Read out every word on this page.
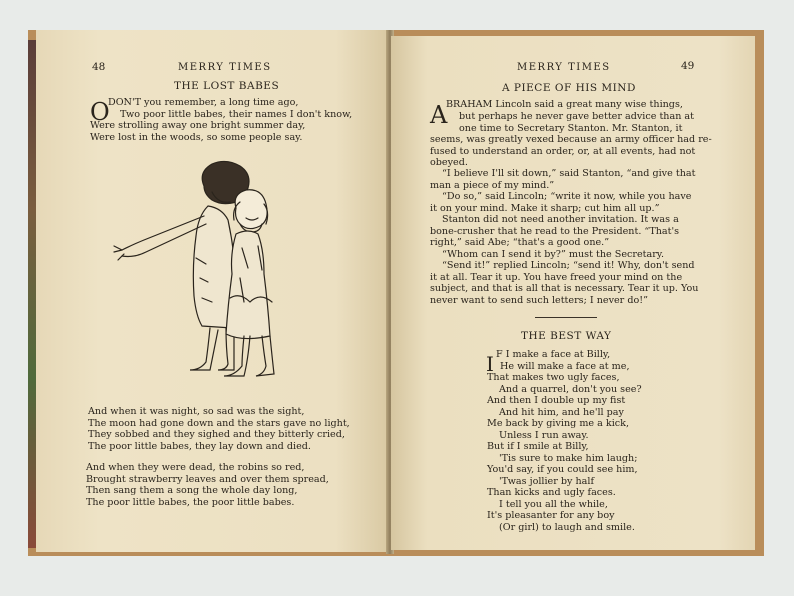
48	MERRY TIMES
THE LOST BABES
O
DON'T you remember, a long time ago,
Two poor little babes, their names I don't know,
Were strolling away one bright summer day,
Were lost in the woods, so some people say.
And when it was night, so sad was the sight,
The moon had gone down and the stars gave no light,
They sobbed and they sighed and they bitterly cried,
The poor little babes, they lay down and died.
And when they were dead, the robins so red,
Brought strawberry leaves and over them spread,
Then sang them a song the whole day long,
The poor little babes, the poor little babes.
MERRY TIMES	49
A PIECE OF HIS MIND
A
BRAHAM Lincoln said a great many wise things,
but perhaps he never gave better advice than at
one time to Secretary Stanton. Mr. Stanton, it
seems, was greatly vexed because an army officer had re-
fused to understand an order, or, at all events, had not
obeyed.
“I believe I'll sit down,” said Stanton, “and give that
man a piece of my mind.”
“Do so,” said Lincoln; “write it now, while you have
it on your mind. Make it sharp; cut him all up.”
Stanton did not need another invitation. It was a
bone-crusher that he read to the President. “That's
right,” said Abe; “that's a good one.”
“Whom can I send it by?” must the Secretary.
“Send it!” replied Lincoln; “send it! Why, don't send
it at all. Tear it up. You have freed your mind on the
subject, and that is all that is necessary. Tear it up. You
never want to send such letters; I never do!”
THE BEST WAY
I F I make a face at Billy,
He will make a face at me,
That makes two ugly faces,
And a quarrel, don't you see?
And then I double up my fist
And hit him, and he'll pay
Me back by giving me a kick,
Unless I run away.
But if I smile at Billy,
'Tis sure to make him laugh;
You'd say, if you could see him,
'Twas jollier by half
Than kicks and ugly faces.
I tell you all the while,
It's pleasanter for any boy
(Or girl) to laugh and smile.
